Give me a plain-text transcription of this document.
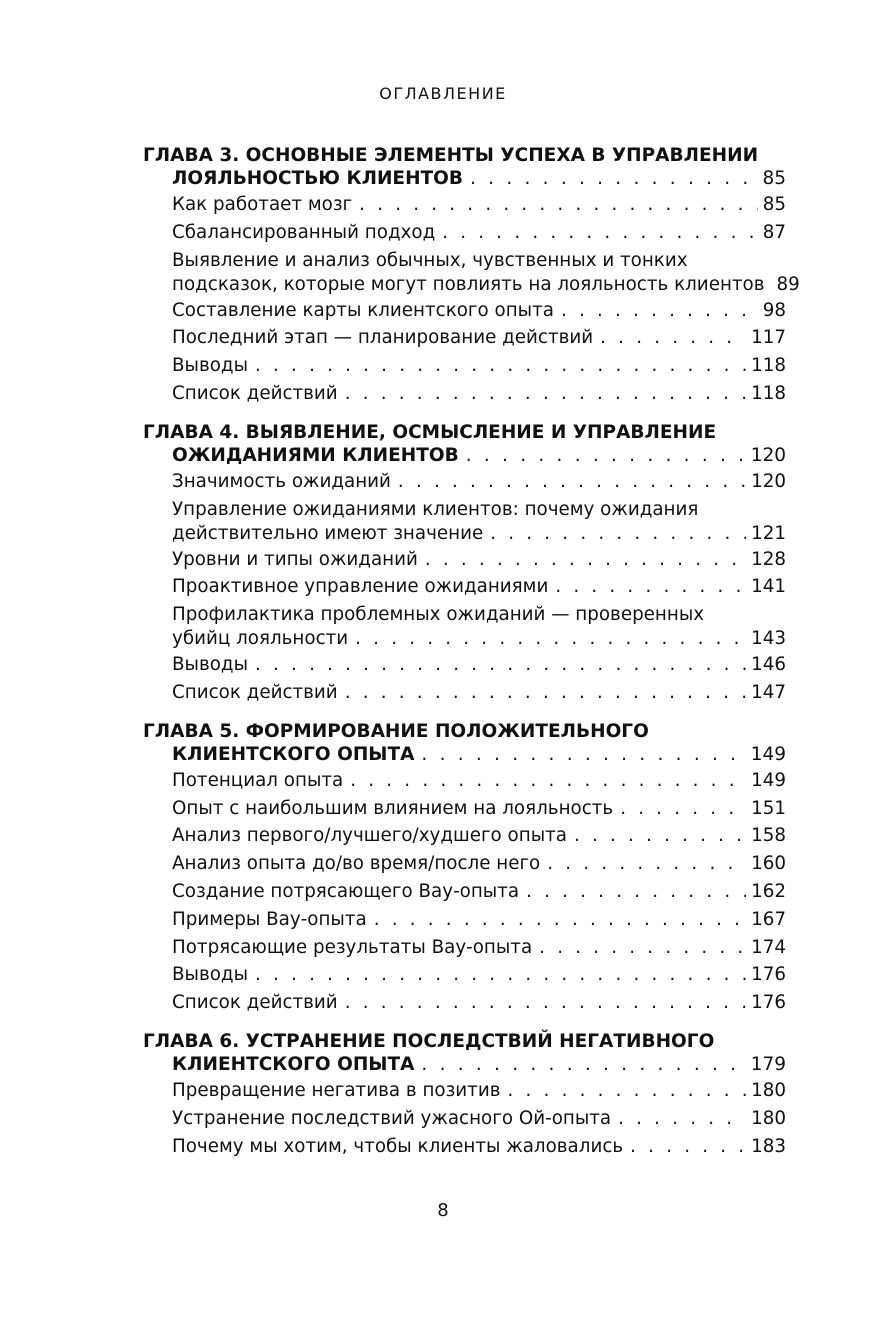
ОГЛАВЛЕНИЕ
ГЛАВА 3. ОСНОВНЫЕ ЭЛЕМЕНТЫ УСПЕХА В УПРАВЛЕНИИ
ЛОЯЛЬНОСТЬЮ КЛИЕНТОВ . . .	85
Как работает мозг . . .	85
Сбалансированный подход . . .	87
Выявление и анализ обычных, чувственных и тонких
подсказок, которые могут повлиять на лояльность клиентов 89
Составление карты клиентского опыта . . .	98
Последний этап — планирование действий . . .	117
Выводы . . .	118
Список действий . . .	118
ГЛАВА 4. ВЫЯВЛЕНИЕ, ОСМЫСЛЕНИЕ И УПРАВЛЕНИЕ
ОЖИДАНИЯМИ КЛИЕНТОВ . . .	120
Значимость ожиданий . . .	120
Управление ожиданиями клиентов: почему ожидания
действительно имеют значение . . .	121
Уровни и типы ожиданий . . .	128
Проактивное управление ожиданиями . . .	141
Профилактика проблемных ожиданий — проверенных
убийц лояльности . . .	143
Выводы . . .	146
Список действий . . .	147
ГЛАВА 5. ФОРМИРОВАНИЕ ПОЛОЖИТЕЛЬНОГО
КЛИЕНТСКОГО ОПЫТА . . .	149
Потенциал опыта . . .	149
Опыт с наибольшим влиянием на лояльность . . .	151
Анализ первого/лучшего/худшего опыта . . .	158
Анализ опыта до/во время/после него . . .	160
Создание потрясающего Вау-опыта . . .	162
Примеры Вау-опыта . . .	167
Потрясающие результаты Вау-опыта . . .	174
Выводы . . .	176
Список действий . . .	176
ГЛАВА 6. УСТРАНЕНИЕ ПОСЛЕДСТВИЙ НЕГАТИВНОГО
КЛИЕНТСКОГО ОПЫТА . . .	179
Превращение негатива в позитив . . .	180
Устранение последствий ужасного Ой-опыта . . .	180
Почему мы хотим, чтобы клиенты жаловались . . .	183
8
